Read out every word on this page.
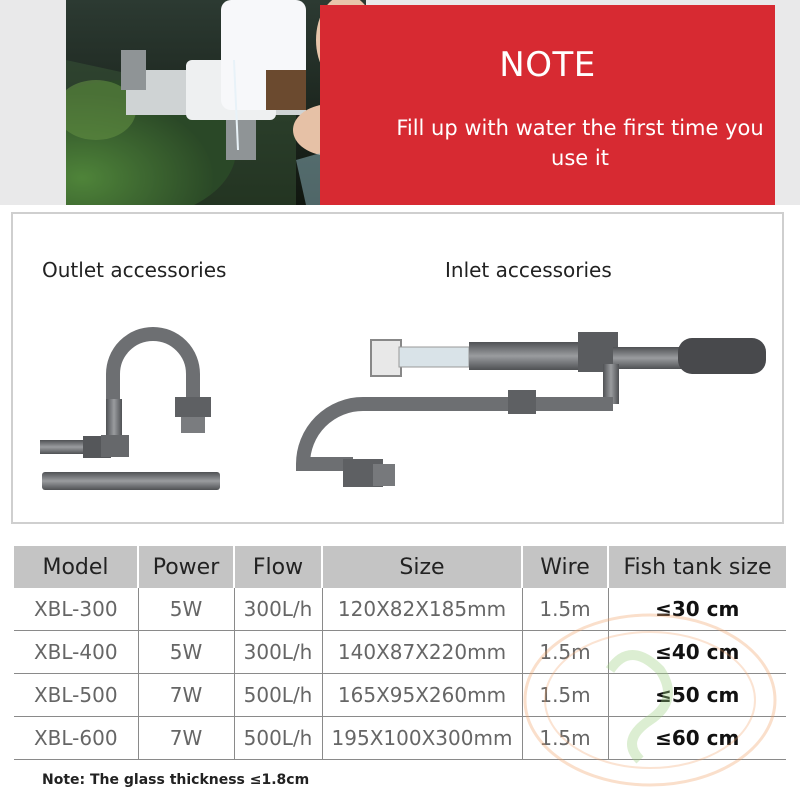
NOTE
Fill up with water the first time you use it
Outlet accessories	Inlet accessories
Model	Power	Flow	Size	Wire	Fish tank size
XBL-300	5W	300L/h	120X82X185mm	1.5m	≤30 cm
XBL-400	5W	300L/h	140X87X220mm	1.5m	≤40 cm
XBL-500	7W	500L/h	165X95X260mm	1.5m	≤50 cm
XBL-600	7W	500L/h	195X100X300mm	1.5m	≤60 cm
Note: The glass thickness ≤1.8cm
